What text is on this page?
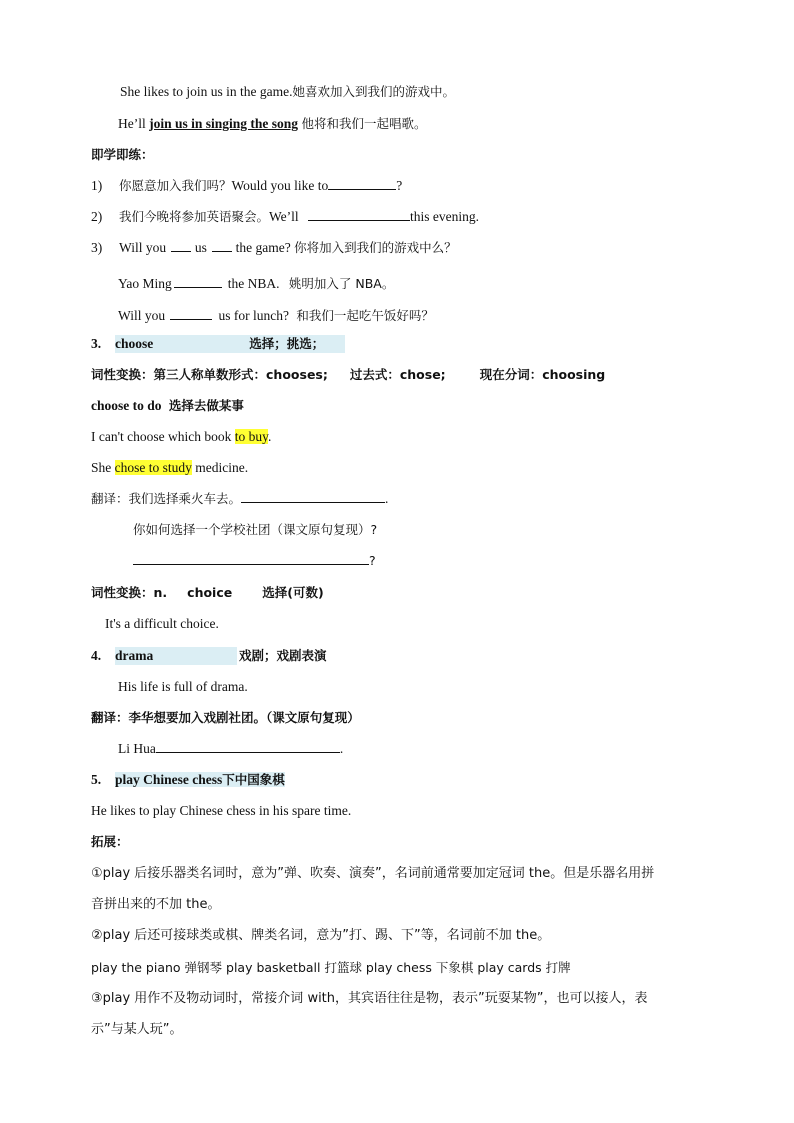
She likes to join us in the game.她喜欢加入到我们的游戏中。
He’ll join us in singing the song 他将和我们一起唱歌。
即学即练：
1) 你愿意加入我们吗？Would you like to	?
2) 我们今晚将参加英语聚会。We’ll	this evening.
3) Will you us the game? 你将加入到我们的游戏中么？
Yao Ming	the NBA. 姚明加入了 NBA。
Will you	us for lunch? 和我们一起吃午饭好吗？
3. choose	选择；挑选；
词性变换：第三人称单数形式：chooses; 过去式：chose;	现在分词：choosing
choose to do 选择去做某事
I can't choose which book to buy.
She chose to study medicine.
翻译：我们选择乘火车去。	.
你如何选择一个学校社团（课文原句复现）?
?
词性变换：n. choice 选择(可数)
It's a difficult choice.
4. drama	戏剧；戏剧表演
His life is full of drama.
翻译：李华想要加入戏剧社团。（课文原句复现）
Li Hua	.
5. play Chinese chess下中国象棋
He likes to play Chinese chess in his spare time.
拓展：
①play 后接乐器类名词时，意为”弹、吹奏、演奏”，名词前通常要加定冠词 the。但是乐器名用拼
音拼出来的不加 the。
②play 后还可接球类或棋、牌类名词，意为”打、踢、下”等，名词前不加 the。
play the piano 弹钢琴 play basketball 打篮球 play chess 下象棋 play cards 打牌
③play 用作不及物动词时，常接介词 with，其宾语往往是物，表示”玩耍某物”，也可以接人，表
示”与某人玩”。
